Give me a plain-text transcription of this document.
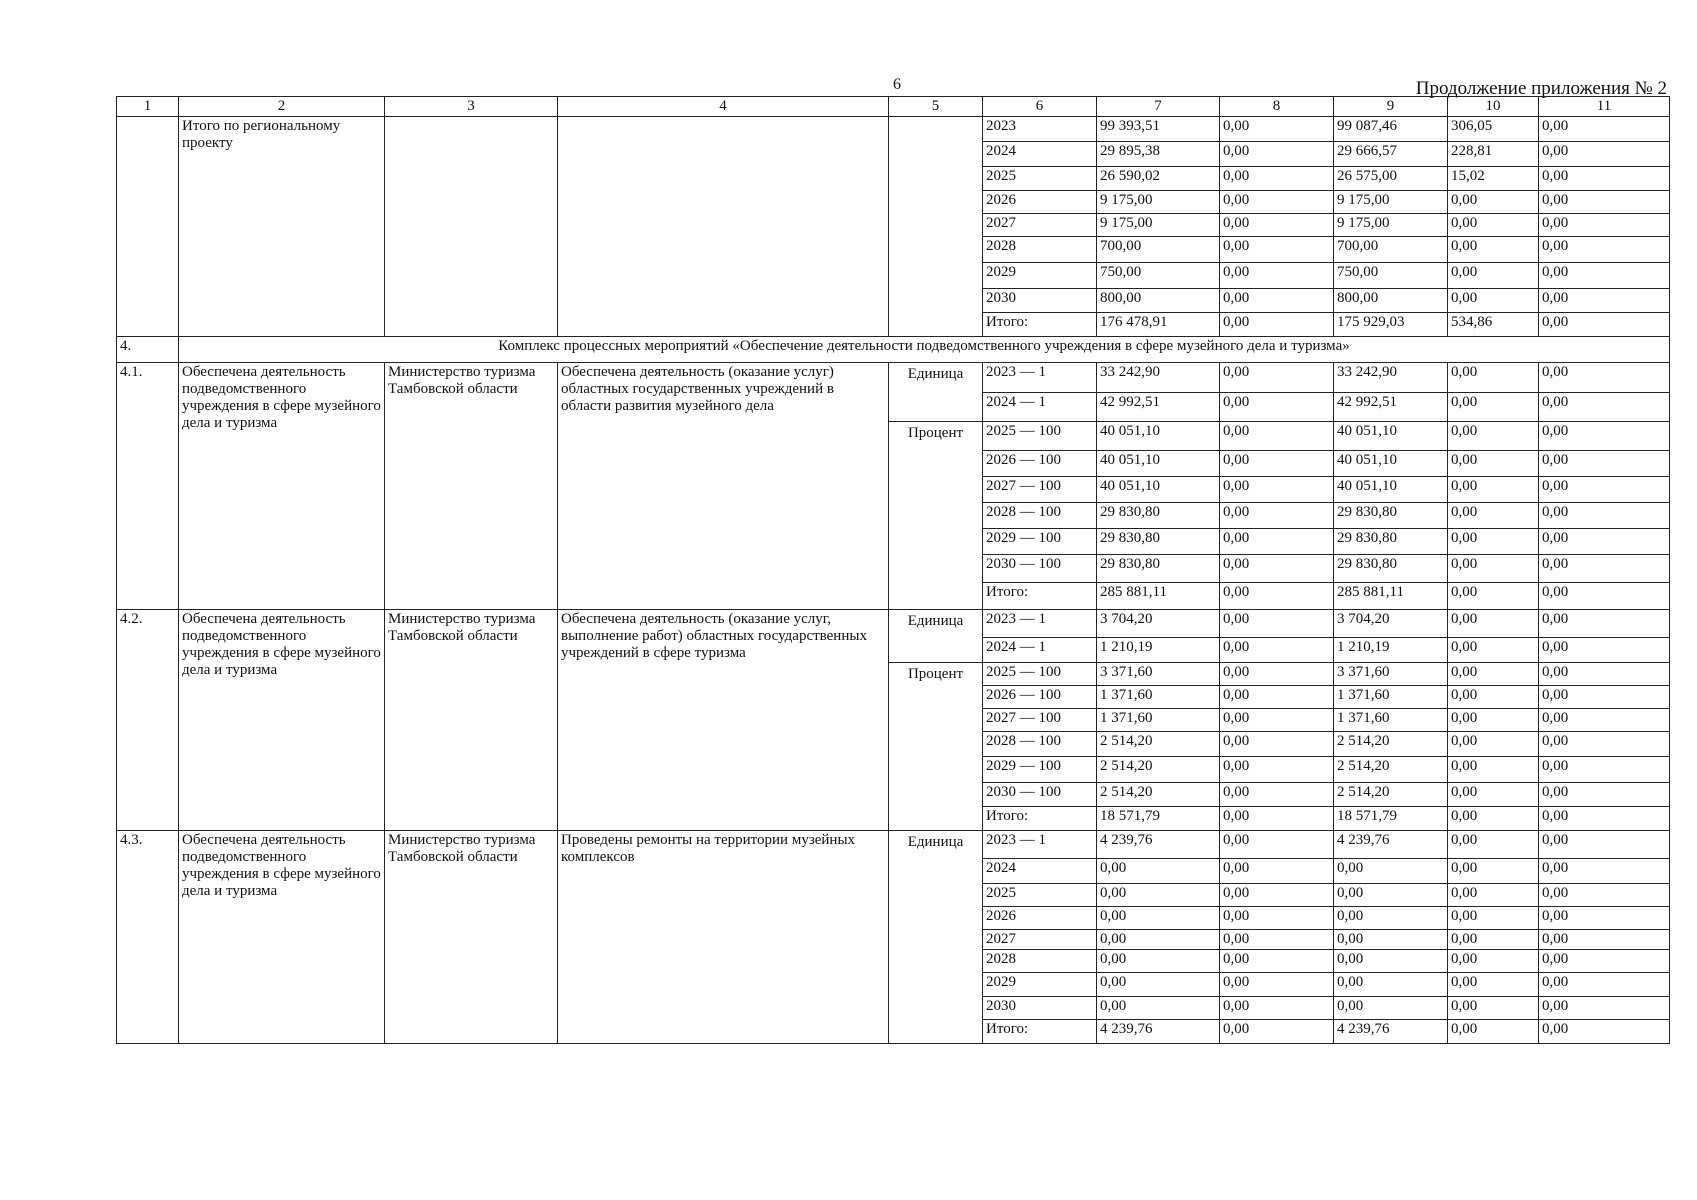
6	Продолжение приложения № 2
1	2	3	4	5	6	7	8	9	10	11
	Итого по региональному проекту				2023	99 393,51	0,00	99 087,46	306,05	0,00
					2024	29 895,38	0,00	29 666,57	228,81	0,00
					2025	26 590,02	0,00	26 575,00	15,02	0,00
					2026	9 175,00	0,00	9 175,00	0,00	0,00
					2027	9 175,00	0,00	9 175,00	0,00	0,00
					2028	700,00	0,00	700,00	0,00	0,00
					2029	750,00	0,00	750,00	0,00	0,00
					2030	800,00	0,00	800,00	0,00	0,00
					Итого:	176 478,91	0,00	175 929,03	534,86	0,00
4.	Комплекс процессных мероприятий «Обеспечение деятельности подведомственного учреждения в сфере музейного дела и туризма»									
4.1.	Обеспечена деятельность подведомственного учреждения в сфере музейного дела и туризма	Министерство туризма Тамбовской области	Обеспечена деятельность (оказание услуг) областных государственных учреждений в области развития музейного дела	Единица	2023 — 1	33 242,90	0,00	33 242,90	0,00	0,00
					2024 — 1	42 992,51	0,00	42 992,51	0,00	0,00
				Процент	2025 — 100	40 051,10	0,00	40 051,10	0,00	0,00
					2026 — 100	40 051,10	0,00	40 051,10	0,00	0,00
					2027 — 100	40 051,10	0,00	40 051,10	0,00	0,00
					2028 — 100	29 830,80	0,00	29 830,80	0,00	0,00
					2029 — 100	29 830,80	0,00	29 830,80	0,00	0,00
					2030 — 100	29 830,80	0,00	29 830,80	0,00	0,00
					Итого:	285 881,11	0,00	285 881,11	0,00	0,00
4.2.	Обеспечена деятельность подведомственного учреждения в сфере музейного дела и туризма	Министерство туризма Тамбовской области	Обеспечена деятельность (оказание услуг, выполнение работ) областных государственных учреждений в сфере туризма	Единица	2023 — 1	3 704,20	0,00	3 704,20	0,00	0,00
					2024 — 1	1 210,19	0,00	1 210,19	0,00	0,00
				Процент	2025 — 100	3 371,60	0,00	3 371,60	0,00	0,00
					2026 — 100	1 371,60	0,00	1 371,60	0,00	0,00
					2027 — 100	1 371,60	0,00	1 371,60	0,00	0,00
					2028 — 100	2 514,20	0,00	2 514,20	0,00	0,00
					2029 — 100	2 514,20	0,00	2 514,20	0,00	0,00
					2030 — 100	2 514,20	0,00	2 514,20	0,00	0,00
					Итого:	18 571,79	0,00	18 571,79	0,00	0,00
4.3.	Обеспечена деятельность подведомственного учреждения в сфере музейного дела и туризма	Министерство туризма Тамбовской области	Проведены ремонты на территории музейных комплексов	Единица	2023 — 1	4 239,76	0,00	4 239,76	0,00	0,00
					2024	0,00	0,00	0,00	0,00	0,00
					2025	0,00	0,00	0,00	0,00	0,00
					2026	0,00	0,00	0,00	0,00	0,00
					2027	0,00	0,00	0,00	0,00	0,00
					2028	0,00	0,00	0,00	0,00	0,00
					2029	0,00	0,00	0,00	0,00	0,00
					2030	0,00	0,00	0,00	0,00	0,00
					Итого:	4 239,76	0,00	4 239,76	0,00	0,00
